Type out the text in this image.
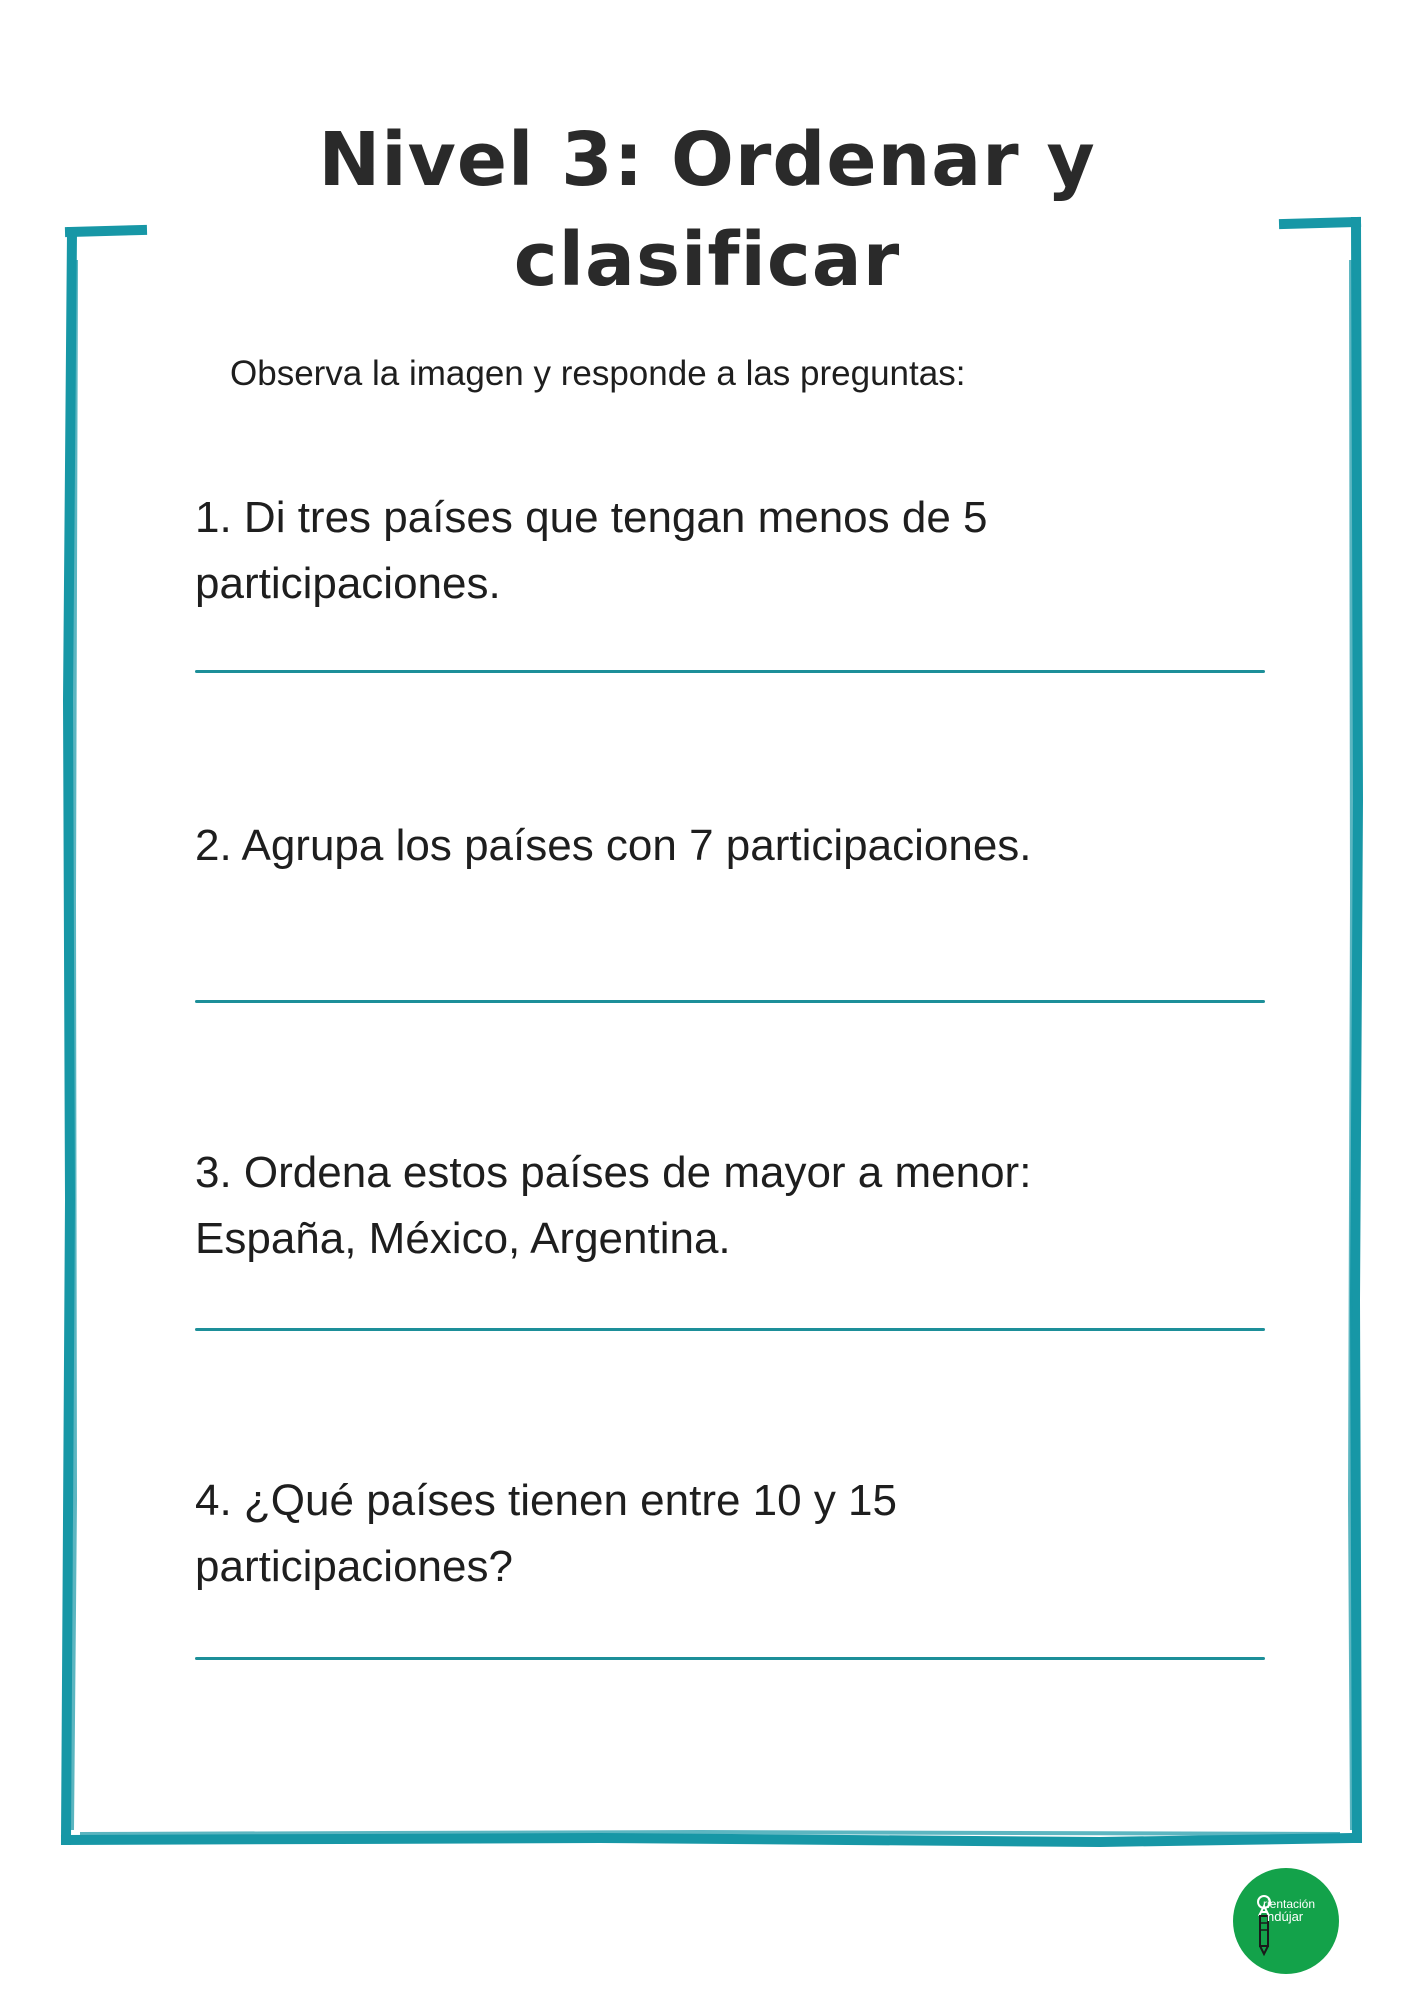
Nivel 3: Ordenar y
clasificar
Observa la imagen y responde a las preguntas:
1. Di tres países que tengan menos de 5
participaciones.
2. Agrupa los países con 7 participaciones.
3. Ordena estos países de mayor a menor:
España, México, Argentina.
4. ¿Qué países tienen entre 10 y 15
participaciones?
rientación
ndújar
